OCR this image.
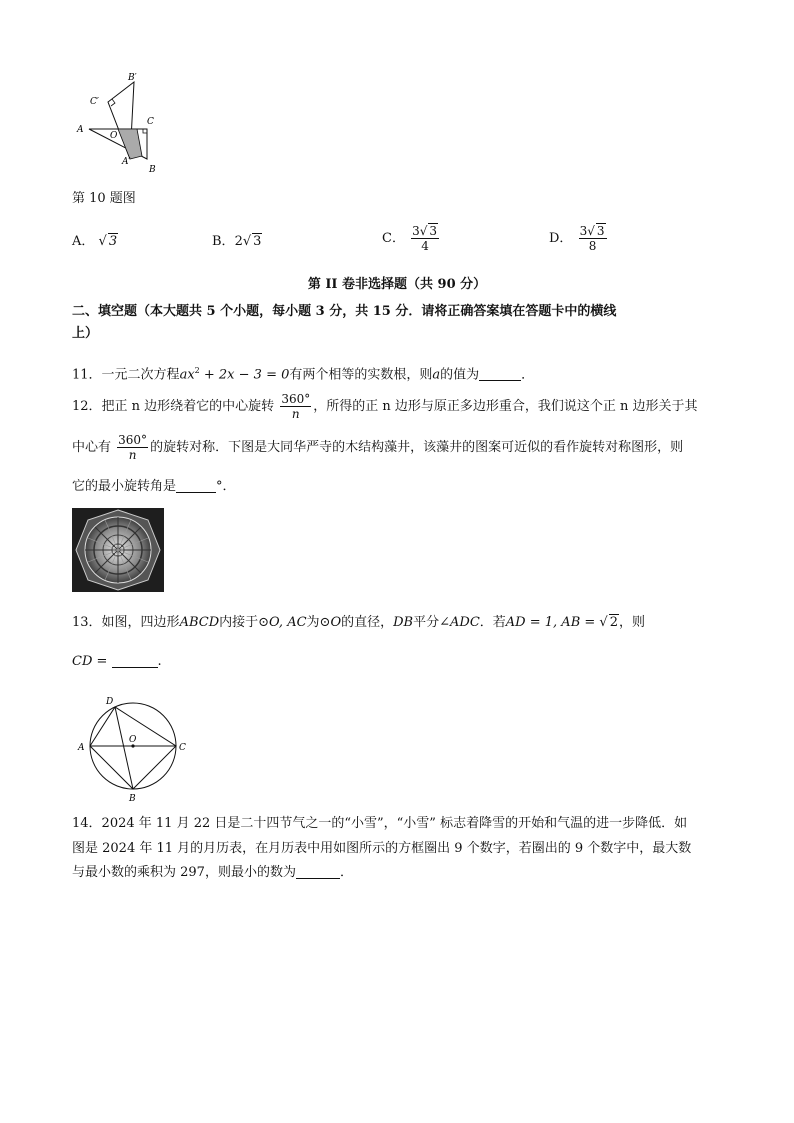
B′
C′
C
A
O
A′
B
第 10 题图
A． √ 3	B．2√ 3	C． $\frac{3√ 3}{4}$	D． $\frac{3√ 3}{8}$
第 II 卷非选择题（共 90 分）
二、填空题（本大题共 5 个小题，每小题 3 分，共 15 分．请将正确答案填在答题卡中的横线
上）
11．一元二次方程$ax^2 + 2x - 3 = 0$有两个相等的实数根，则a的值为	．
12．把正 n 边形绕着它的中心旋转 $\frac{360^\circ}{n}$ ，所得的正 n 边形与原正多边形重合，我们说这个正 n 边形关于其
中心有 $\frac{360^\circ}{n}$ 的旋转对称．下图是大同华严寺的木结构藻井，该藻井的图案可近似的看作旋转对称图形，则
它的最小旋转角是	°．
13．如图，四边形ABCD内接于⊙O, AC为⊙O的直径，DB平分∠ADC．若AD = 1, AB = √ 2，则
CD =	.
D
A
O
C
B
14．2024 年 11 月 22 日是二十四节气之一的“小雪”，“小雪” 标志着降雪的开始和气温的进一步降低．如
图是 2024 年 11 月的月历表，在月历表中用如图所示的方框圈出 9 个数字，若圈出的 9 个数字中，最大数
与最小数的乘积为 297，则最小的数为	．
